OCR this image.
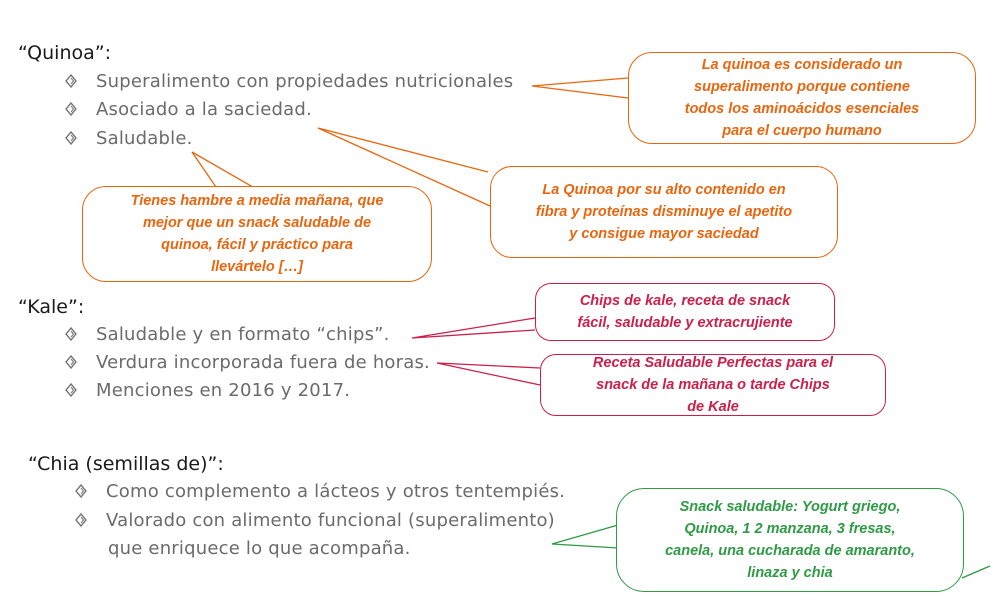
“Quinoa”:
Superalimento con propiedades nutricionales
Asociado a la saciedad.
Saludable.
“Kale”:
Saludable y en formato “chips”.
Verdura incorporada fuera de horas.
Menciones en 2016 y 2017.
“Chia (semillas de)”:
Como complemento a lácteos y otros tentempiés.
Valorado con alimento funcional (superalimento)
que enriquece lo que acompaña.
La quinoa es considerado un
superalimento porque contiene
todos los aminoácidos esenciales
para el cuerpo humano
La Quinoa por su alto contenido en
fibra y proteínas disminuye el apetito
y consigue mayor saciedad
Tienes hambre a media mañana, que
mejor que un snack saludable de
quinoa, fácil y práctico para
llevártelo […]
Chips de kale, receta de snack
fácil, saludable y extracrujiente
Receta Saludable Perfectas para el
snack de la mañana o tarde Chips
de Kale
Snack saludable: Yogurt griego,
Quinoa, 1 2 manzana, 3 fresas,
canela, una cucharada de amaranto,
linaza y chia
